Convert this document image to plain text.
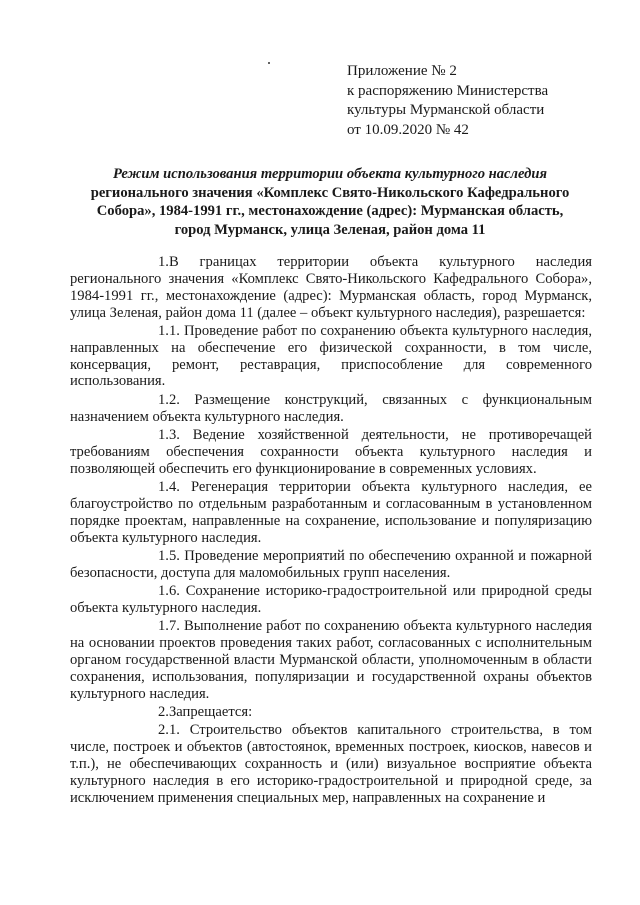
Приложение № 2
к распоряжению Министерства
культуры Мурманской области
от 10.09.2020 № 42
Режим использования территории объекта культурного наследия
регионального значения «Комплекс Свято-Никольского Кафедрального
Собора», 1984-1991 гг., местонахождение (адрес): Мурманская область,
город Мурманск, улица Зеленая, район дома 11

1.В границах территории объекта культурного наследия регионального значения «Комплекс Свято-Никольского Кафедрального Собора», 1984-1991 гг., местонахождение (адрес): Мурманская область, город Мурманск, улица Зеленая, район дома 11 (далее – объект культурного наследия), разрешается:

1.1. Проведение работ по сохранению объекта культурного наследия, направленных на обеспечение его физической сохранности, в том числе, консервация, ремонт, реставрация, приспособление для современного использования.

1.2. Размещение конструкций, связанных с функциональным назначением объекта культурного наследия.

1.3. Ведение хозяйственной деятельности, не противоречащей требованиям обеспечения сохранности объекта культурного наследия и позволяющей обеспечить его функционирование в современных условиях.

1.4. Регенерация территории объекта культурного наследия, ее благоустройство по отдельным разработанным и согласованным в установленном порядке проектам, направленные на сохранение, использование и популяризацию объекта культурного наследия.

1.5. Проведение мероприятий по обеспечению охранной и пожарной безопасности, доступа для маломобильных групп населения.

1.6. Сохранение историко-градостроительной или природной среды объекта культурного наследия.

1.7. Выполнение работ по сохранению объекта культурного наследия на основании проектов проведения таких работ, согласованных с исполнительным органом государственной власти Мурманской области, уполномоченным в области сохранения, использования, популяризации и государственной охраны объектов культурного наследия.

2.Запрещается:

2.1. Строительство объектов капитального строительства, в том числе, построек и объектов (автостоянок, временных построек, киосков, навесов и т.п.), не обеспечивающих сохранность и (или) визуальное восприятие объекта культурного наследия в его историко-градостроительной и природной среде, за исключением применения специальных мер, направленных на сохранение и
